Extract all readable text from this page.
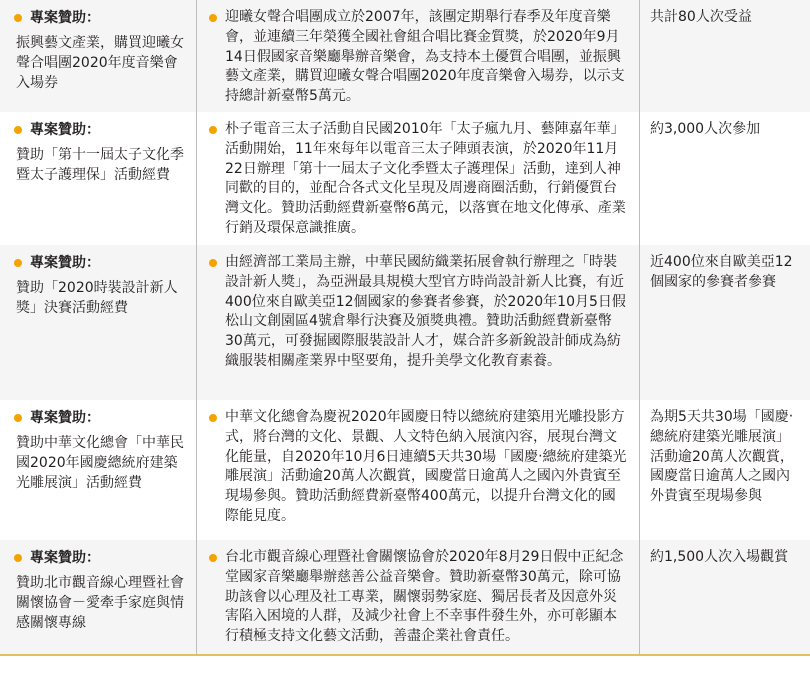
專案贊助：
振興藝文產業，購買迎曦女聲合唱團2020年度音樂會入場券
迎曦女聲合唱團成立於2007年，該團定期舉行春季及年度音樂會，並連續三年榮獲全國社會組合唱比賽金質獎，於2020年9月14日假國家音樂廳舉辦音樂會，為支持本土優質合唱團，並振興藝文產業，購買迎曦女聲合唱團2020年度音樂會入場券，以示支持總計新臺幣5萬元。
共計80人次受益
專案贊助：
贊助「第十一屆太子文化季暨太子護理保」活動經費
朴子電音三太子活動自民國2010年「太子瘋九月、藝陣嘉年華」活動開始，11年來每年以電音三太子陣頭表演，於2020年11月22日辦理「第十一屆太子文化季暨太子護理保」活動，達到人神同歡的目的，並配合各式文化呈現及周邊商圈活動，行銷優質台灣文化。贊助活動經費新臺幣6萬元，以落實在地文化傳承、產業行銷及環保意識推廣。
約3,000人次參加
專案贊助：
贊助「2020時裝設計新人獎」決賽活動經費
由經濟部工業局主辦，中華民國紡織業拓展會執行辦理之「時裝設計新人獎」，為亞洲最具規模大型官方時尚設計新人比賽，有近400位來自歐美亞12個國家的參賽者參賽，於2020年10月5日假松山文創園區4號倉舉行決賽及頒獎典禮。贊助活動經費新臺幣30萬元，可發掘國際服裝設計人才，媒合許多新銳設計師成為紡織服裝相關產業界中堅要角，提升美學文化教育素養。
近400位來自歐美亞12個國家的參賽者參賽
專案贊助：
贊助中華文化總會「中華民國2020年國慶總統府建築光雕展演」活動經費
中華文化總會為慶祝2020年國慶日特以總統府建築用光雕投影方式，將台灣的文化、景觀、人文特色納入展演內容，展現台灣文化能量，自2020年10月6日連續5天共30場「國慶‧總統府建築光雕展演」活動逾20萬人次觀賞，國慶當日逾萬人之國內外貴賓至現場參與。贊助活動經費新臺幣400萬元，以提升台灣文化的國際能見度。
為期5天共30場「國慶‧總統府建築光雕展演」活動逾20萬人次觀賞，國慶當日逾萬人之國內外貴賓至現場參與
專案贊助：
贊助北市觀音線心理暨社會關懷協會－愛牽手家庭與情感關懷專線
台北市觀音線心理暨社會關懷協會於2020年8月29日假中正紀念堂國家音樂廳舉辦慈善公益音樂會。贊助新臺幣30萬元，除可協助該會以心理及社工專業，關懷弱勢家庭、獨居長者及因意外災害陷入困境的人群，及減少社會上不幸事件發生外，亦可彰顯本行積極支持文化藝文活動，善盡企業社會責任。
約1,500人次入場觀賞
